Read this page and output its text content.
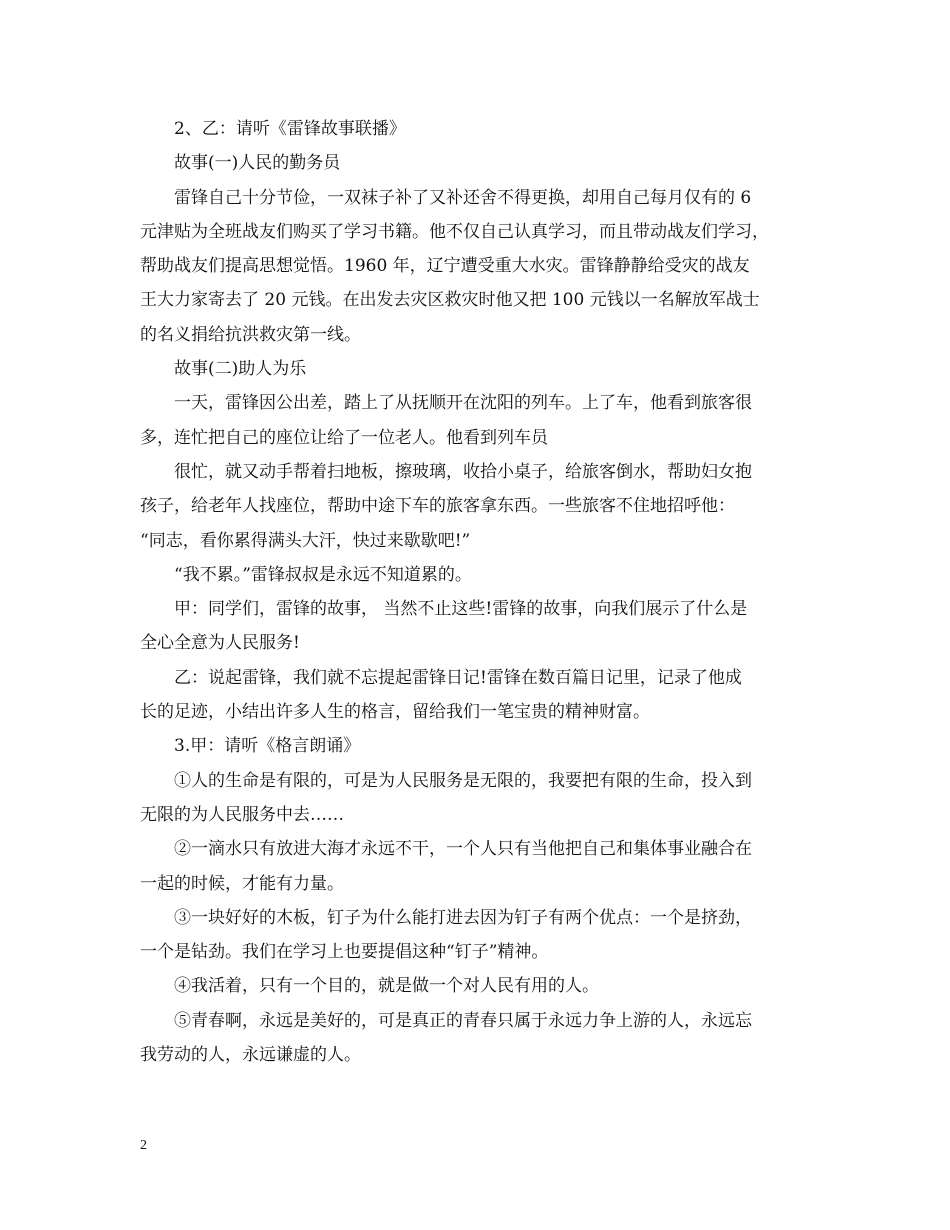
2、乙：请听《雷锋故事联播》
故事(一)人民的勤务员
雷锋自己十分节俭，一双袜子补了又补还舍不得更换，却用自己每月仅有的 6
元津贴为全班战友们购买了学习书籍。他不仅自己认真学习，而且带动战友们学习，
帮助战友们提高思想觉悟。1960 年，辽宁遭受重大水灾。雷锋静静给受灾的战友
王大力家寄去了 20 元钱。在出发去灾区救灾时他又把 100 元钱以一名解放军战士
的名义捐给抗洪救灾第一线。
故事(二)助人为乐
一天，雷锋因公出差，踏上了从抚顺开在沈阳的列车。上了车，他看到旅客很
多，连忙把自己的座位让给了一位老人。他看到列车员
很忙，就又动手帮着扫地板，擦玻璃，收拾小桌子，给旅客倒水，帮助妇女抱
孩子，给老年人找座位，帮助中途下车的旅客拿东西。一些旅客不住地招呼他：
“同志，看你累得满头大汗，快过来歇歇吧!”
“我不累。”雷锋叔叔是永远不知道累的。
甲：同学们，雷锋的故事， 当然不止这些!雷锋的故事，向我们展示了什么是
全心全意为人民服务!
乙：说起雷锋，我们就不忘提起雷锋日记!雷锋在数百篇日记里，记录了他成
长的足迹，小结出许多人生的格言，留给我们一笔宝贵的精神财富。
3.甲：请听《格言朗诵》
①人的生命是有限的，可是为人民服务是无限的，我要把有限的生命，投入到
无限的为人民服务中去……
②一滴水只有放进大海才永远不干，一个人只有当他把自己和集体事业融合在
一起的时候，才能有力量。
③一块好好的木板，钉子为什么能打进去因为钉子有两个优点：一个是挤劲，
一个是钻劲。我们在学习上也要提倡这种“钉子”精神。
④我活着，只有一个目的，就是做一个对人民有用的人。
⑤青春啊，永远是美好的，可是真正的青春只属于永远力争上游的人，永远忘
我劳动的人，永远谦虚的人。
2
